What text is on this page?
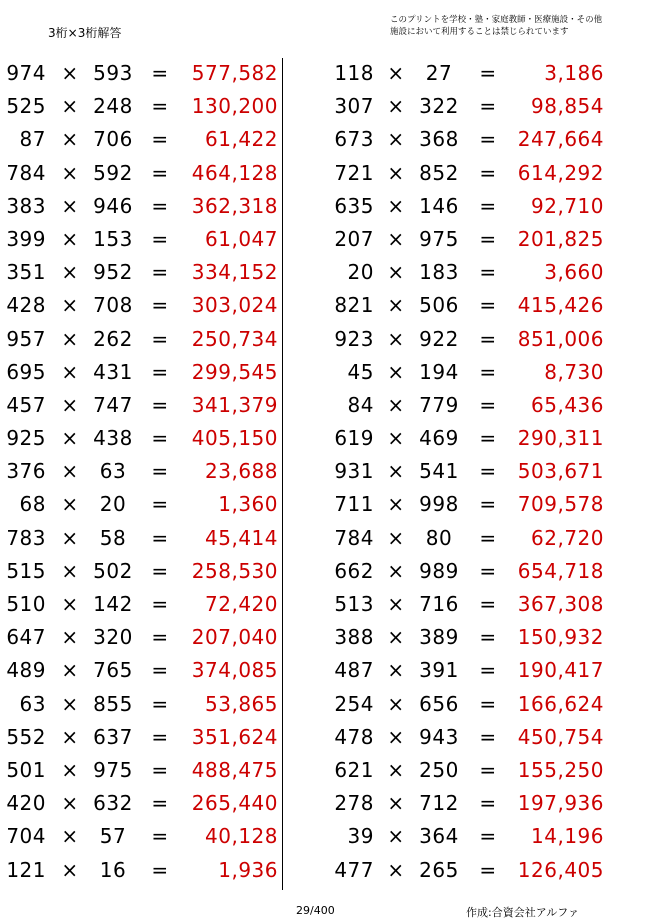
3桁×3桁解答
このプリントを学校・塾・家庭教師・医療施設・その他
施設において利用することは禁じられています
974 × 593 =	577,582
525 × 248 =	130,200
87 × 706 =	61,422
784 × 592 =	464,128
383 × 946 =	362,318
399 × 153 =	61,047
351 × 952 =	334,152
428 × 708 =	303,024
957 × 262 =	250,734
695 × 431 =	299,545
457 × 747 =	341,379
925 × 438 =	405,150
376 ×	63	=	23,688
68 ×	20	=	1,360
783 ×	58	=	45,414
515 × 502 =	258,530
510 × 142 =	72,420
647 × 320 =	207,040
489 × 765 =	374,085
63 × 855 =	53,865
552 × 637 =	351,624
501 × 975 =	488,475
420 × 632 =	265,440
704 ×	57	=	40,128
121 ×	16	=	1,936
118 ×	27	=	3,186
307 × 322 =	98,854
673 × 368 =	247,664
721 × 852 =	614,292
635 × 146 =	92,710
207 × 975 =	201,825
20 × 183 =	3,660
821 × 506 =	415,426
923 × 922 =	851,006
45 × 194 =	8,730
84 × 779 =	65,436
619 × 469 =	290,311
931 × 541 =	503,671
711 × 998 =	709,578
784 ×	80	=	62,720
662 × 989 =	654,718
513 × 716 =	367,308
388 × 389 =	150,932
487 × 391 =	190,417
254 × 656 =	166,624
478 × 943 =	450,754
621 × 250 =	155,250
278 × 712 =	197,936
39 × 364 =	14,196
477 × 265 =	126,405
29/400	作成:合資会社アルファ
